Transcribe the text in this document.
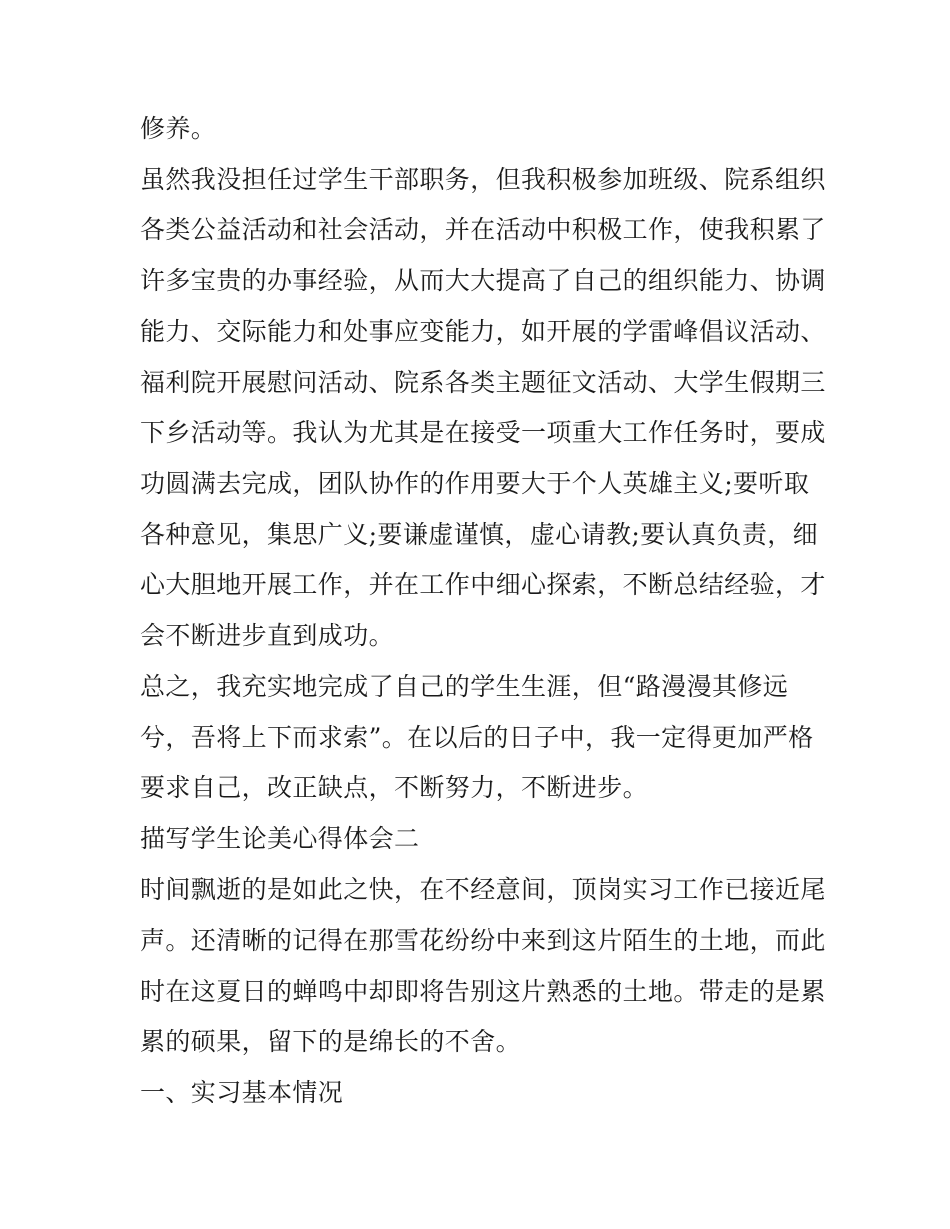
修养。
虽然我没担任过学生干部职务，但我积极参加班级、院系组织
各类公益活动和社会活动，并在活动中积极工作，使我积累了
许多宝贵的办事经验，从而大大提高了自己的组织能力、协调
能力、交际能力和处事应变能力，如开展的学雷峰倡议活动、
福利院开展慰问活动、院系各类主题征文活动、大学生假期三
下乡活动等。我认为尤其是在接受一项重大工作任务时，要成
功圆满去完成，团队协作的作用要大于个人英雄主义;要听取
各种意见，集思广义;要谦虚谨慎，虚心请教;要认真负责，细
心大胆地开展工作，并在工作中细心探索，不断总结经验，才
会不断进步直到成功。
总之，我充实地完成了自己的学生生涯，但“路漫漫其修远
兮，吾将上下而求索”。在以后的日子中，我一定得更加严格
要求自己，改正缺点，不断努力，不断进步。
描写学生论美心得体会二
时间飘逝的是如此之快，在不经意间，顶岗实习工作已接近尾
声。还清晰的记得在那雪花纷纷中来到这片陌生的土地，而此
时在这夏日的蝉鸣中却即将告别这片熟悉的土地。带走的是累
累的硕果，留下的是绵长的不舍。
一、实习基本情况
